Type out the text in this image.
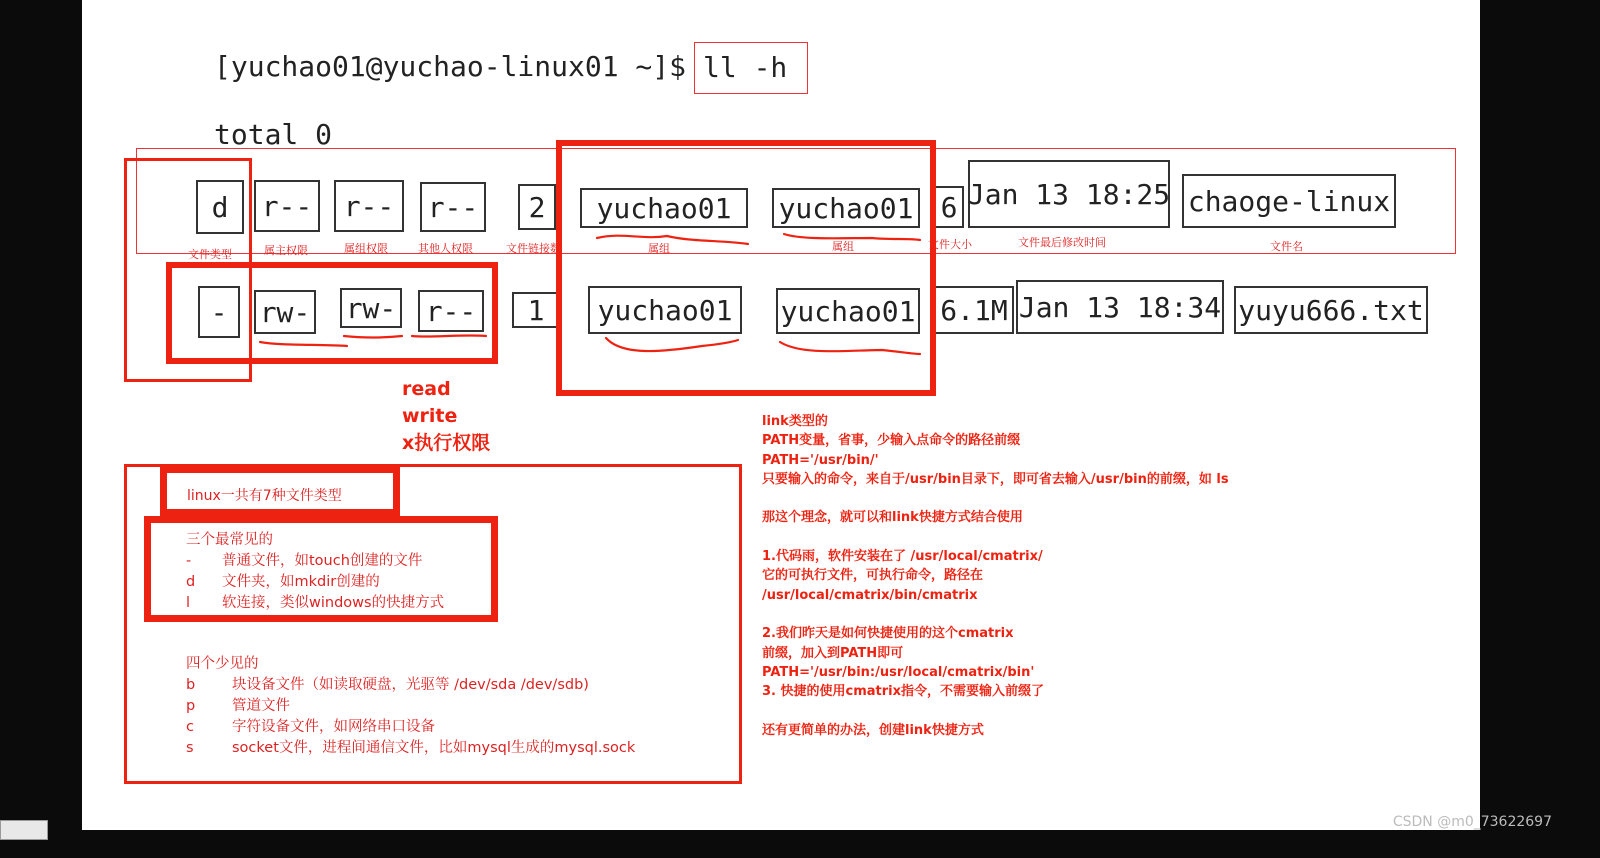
[yuchao01@yuchao-linux01 ~]$ ll -h
total 0
d	r--	r--	r--	2	yuchao01	yuchao01 6 Jan 13 18:25 chaoge-linux
文件类型	属主权限	属组权限	其他人权限	文件链接数	属组	属组	文件大小	文件最后修改时间	文件名
-	rw- rw- r--	1	yuchao01	yuchao01 6.1M Jan 13 18:34 yuyu666.txt
read
write
x执行权限
linux一共有7种文件类型
三个最常见的
- 普通文件，如touch创建的文件
d 文件夹，如mkdir创建的
l 软连接，类似windows的快捷方式
四个少见的
b	块设备文件（如读取硬盘，光驱等 /dev/sda /dev/sdb)
p	管道文件
c	字符设备文件，如网络串口设备
s	socket文件，进程间通信文件，比如mysql生成的mysql.sock
link类型的
PATH变量，省事，少输入点命令的路径前缀
PATH='/usr/bin/'
只要输入的命令，来自于/usr/bin目录下，即可省去输入/usr/bin的前缀，如 ls
那这个理念，就可以和link快捷方式结合使用
1.代码雨，软件安装在了 /usr/local/cmatrix/
它的可执行文件，可执行命令，路径在
/usr/local/cmatrix/bin/cmatrix
2.我们昨天是如何快捷使用的这个cmatrix
前缀，加入到PATH即可
PATH='/usr/bin:/usr/local/cmatrix/bin'
3. 快捷的使用cmatrix指令，不需要输入前缀了
还有更简单的办法，创建link快捷方式
CSDN @m0_73622697
